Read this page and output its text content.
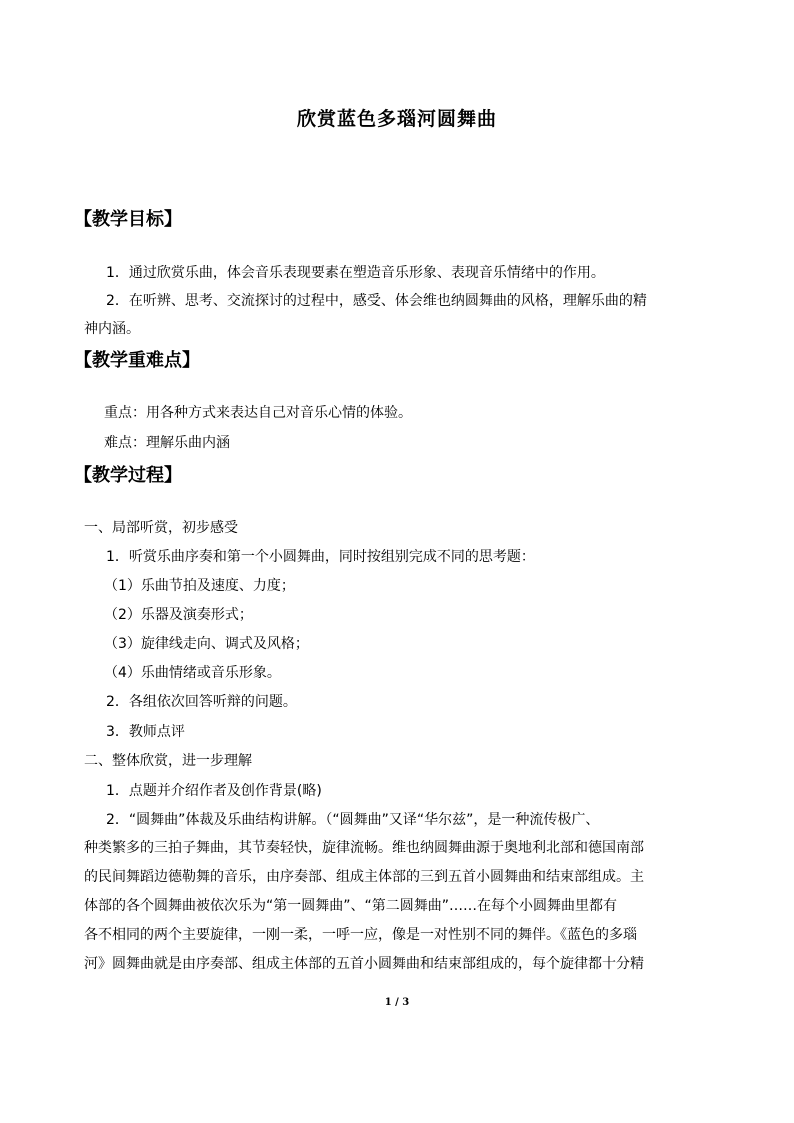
欣赏蓝色多瑙河圆舞曲
【教学目标】
1．通过欣赏乐曲，体会音乐表现要素在塑造音乐形象、表现音乐情绪中的作用。
2．在听辨、思考、交流探讨的过程中，感受、体会维也纳圆舞曲的风格，理解乐曲的精
神内涵。
【教学重难点】
重点：用各种方式来表达自己对音乐心情的体验。
难点：理解乐曲内涵
【教学过程】
一、局部听赏，初步感受
1．听赏乐曲序奏和第一个小圆舞曲，同时按组别完成不同的思考题：
（1）乐曲节拍及速度、力度；
（2）乐器及演奏形式；
（3）旋律线走向、调式及风格；
（4）乐曲情绪或音乐形象。
2．各组依次回答听辩的问题。
3．教师点评
二、整体欣赏，进一步理解
1．点题并介绍作者及创作背景(略)
2．“圆舞曲”体裁及乐曲结构讲解。（“圆舞曲”又译“华尔兹”，是一种流传极广、
种类繁多的三拍子舞曲，其节奏轻快，旋律流畅。维也纳圆舞曲源于奥地利北部和德国南部
的民间舞蹈边德勒舞的音乐，由序奏部、组成主体部的三到五首小圆舞曲和结束部组成。主
体部的各个圆舞曲被依次乐为“第一圆舞曲”、“第二圆舞曲”……在每个小圆舞曲里都有
各不相同的两个主要旋律，一刚一柔，一呼一应，像是一对性别不同的舞伴。《蓝色的多瑙
河》圆舞曲就是由序奏部、组成主体部的五首小圆舞曲和结束部组成的，每个旋律都十分精
1 / 3
